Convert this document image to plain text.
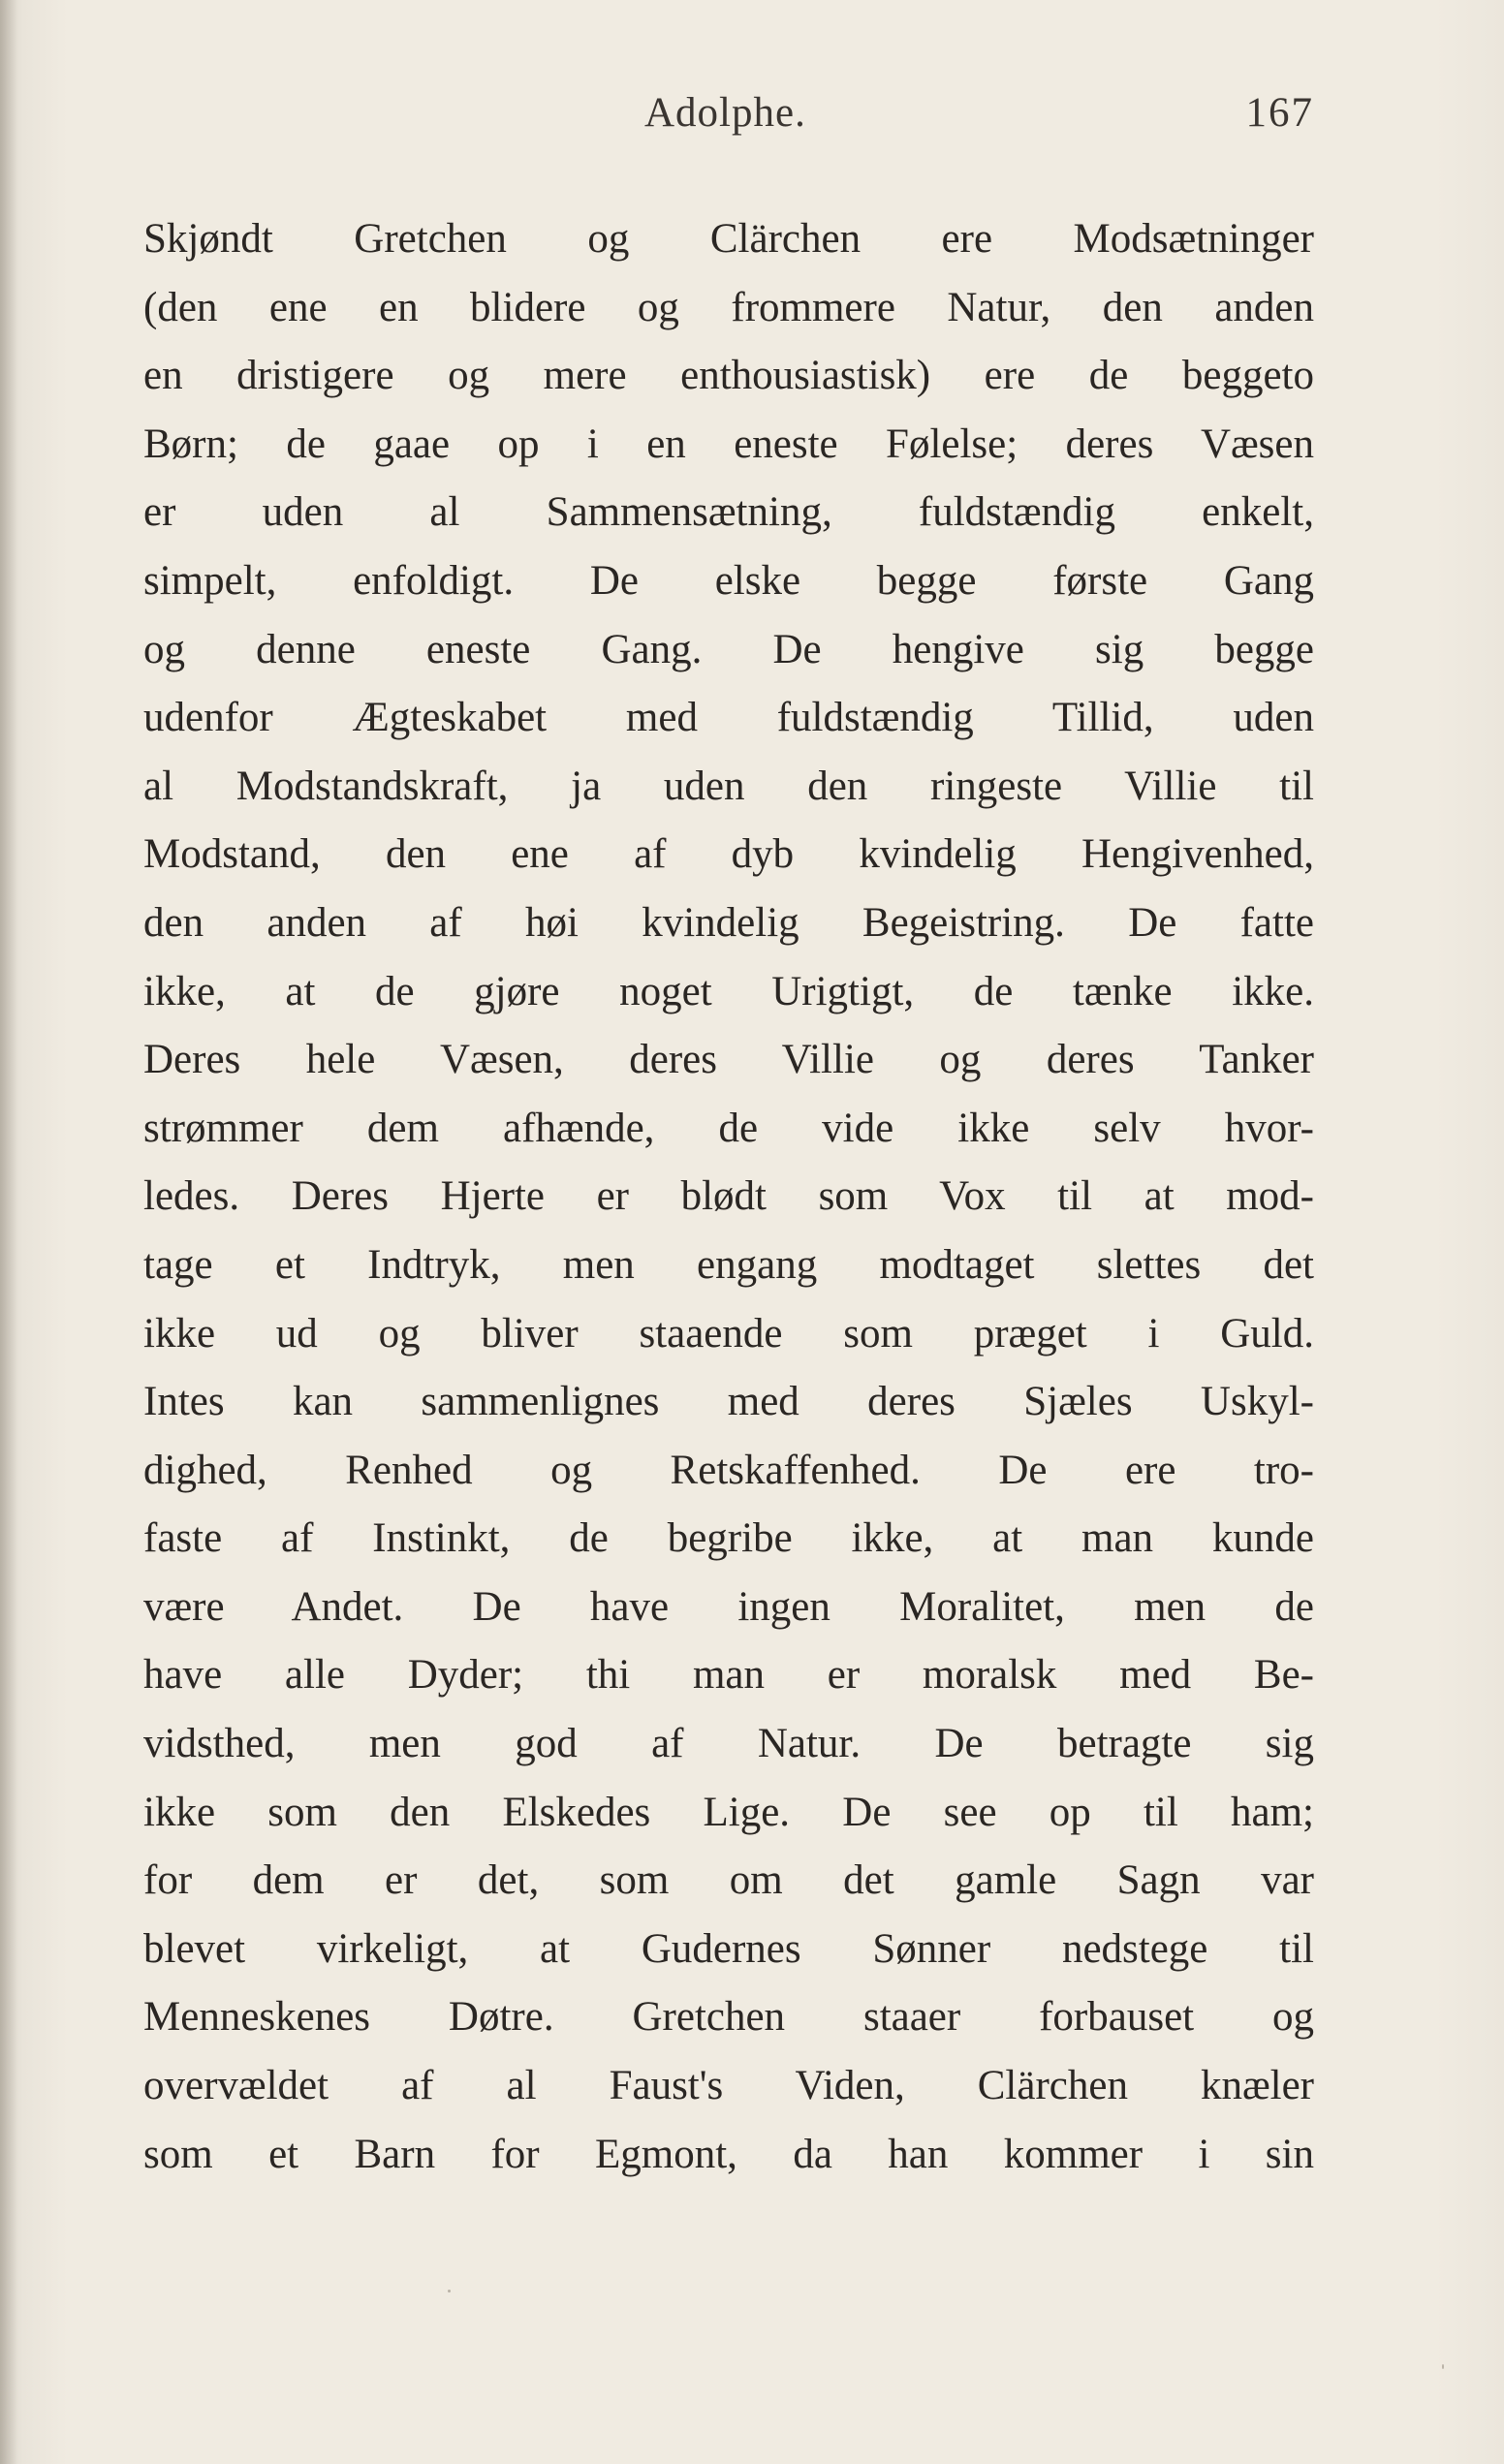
Adolphe.	167
Skjøndt Gretchen og Clärchen ere Modsætninger
(den ene en blidere og frommere Natur, den anden
en dristigere og mere enthousiastisk) ere de beggeto
Børn; de gaae op i en eneste Følelse; deres Væsen
er uden al Sammensætning, fuldstændig enkelt,
simpelt, enfoldigt. De elske begge første Gang
og denne eneste Gang. De hengive sig begge
udenfor Ægteskabet med fuldstændig Tillid, uden
al Modstandskraft, ja uden den ringeste Villie til
Modstand, den ene af dyb kvindelig Hengivenhed,
den anden af høi kvindelig Begeistring. De fatte
ikke, at de gjøre noget Urigtigt, de tænke ikke.
Deres hele Væsen, deres Villie og deres Tanker
strømmer dem afhænde, de vide ikke selv hvor-
ledes. Deres Hjerte er blødt som Vox til at mod-
tage et Indtryk, men engang modtaget slettes det
ikke ud og bliver staaende som præget i Guld.
Intes kan sammenlignes med deres Sjæles Uskyl-
dighed, Renhed og Retskaffenhed. De ere tro-
faste af Instinkt, de begribe ikke, at man kunde
være Andet. De have ingen Moralitet, men de
have alle Dyder; thi man er moralsk med Be-
vidsthed, men god af Natur. De betragte sig
ikke som den Elskedes Lige. De see op til ham;
for dem er det, som om det gamle Sagn var
blevet virkeligt, at Gudernes Sønner nedstege til
Menneskenes Døtre. Gretchen staaer forbauset og
overvældet af al Faust's Viden, Clärchen knæler
som et Barn for Egmont, da han kommer i sin
